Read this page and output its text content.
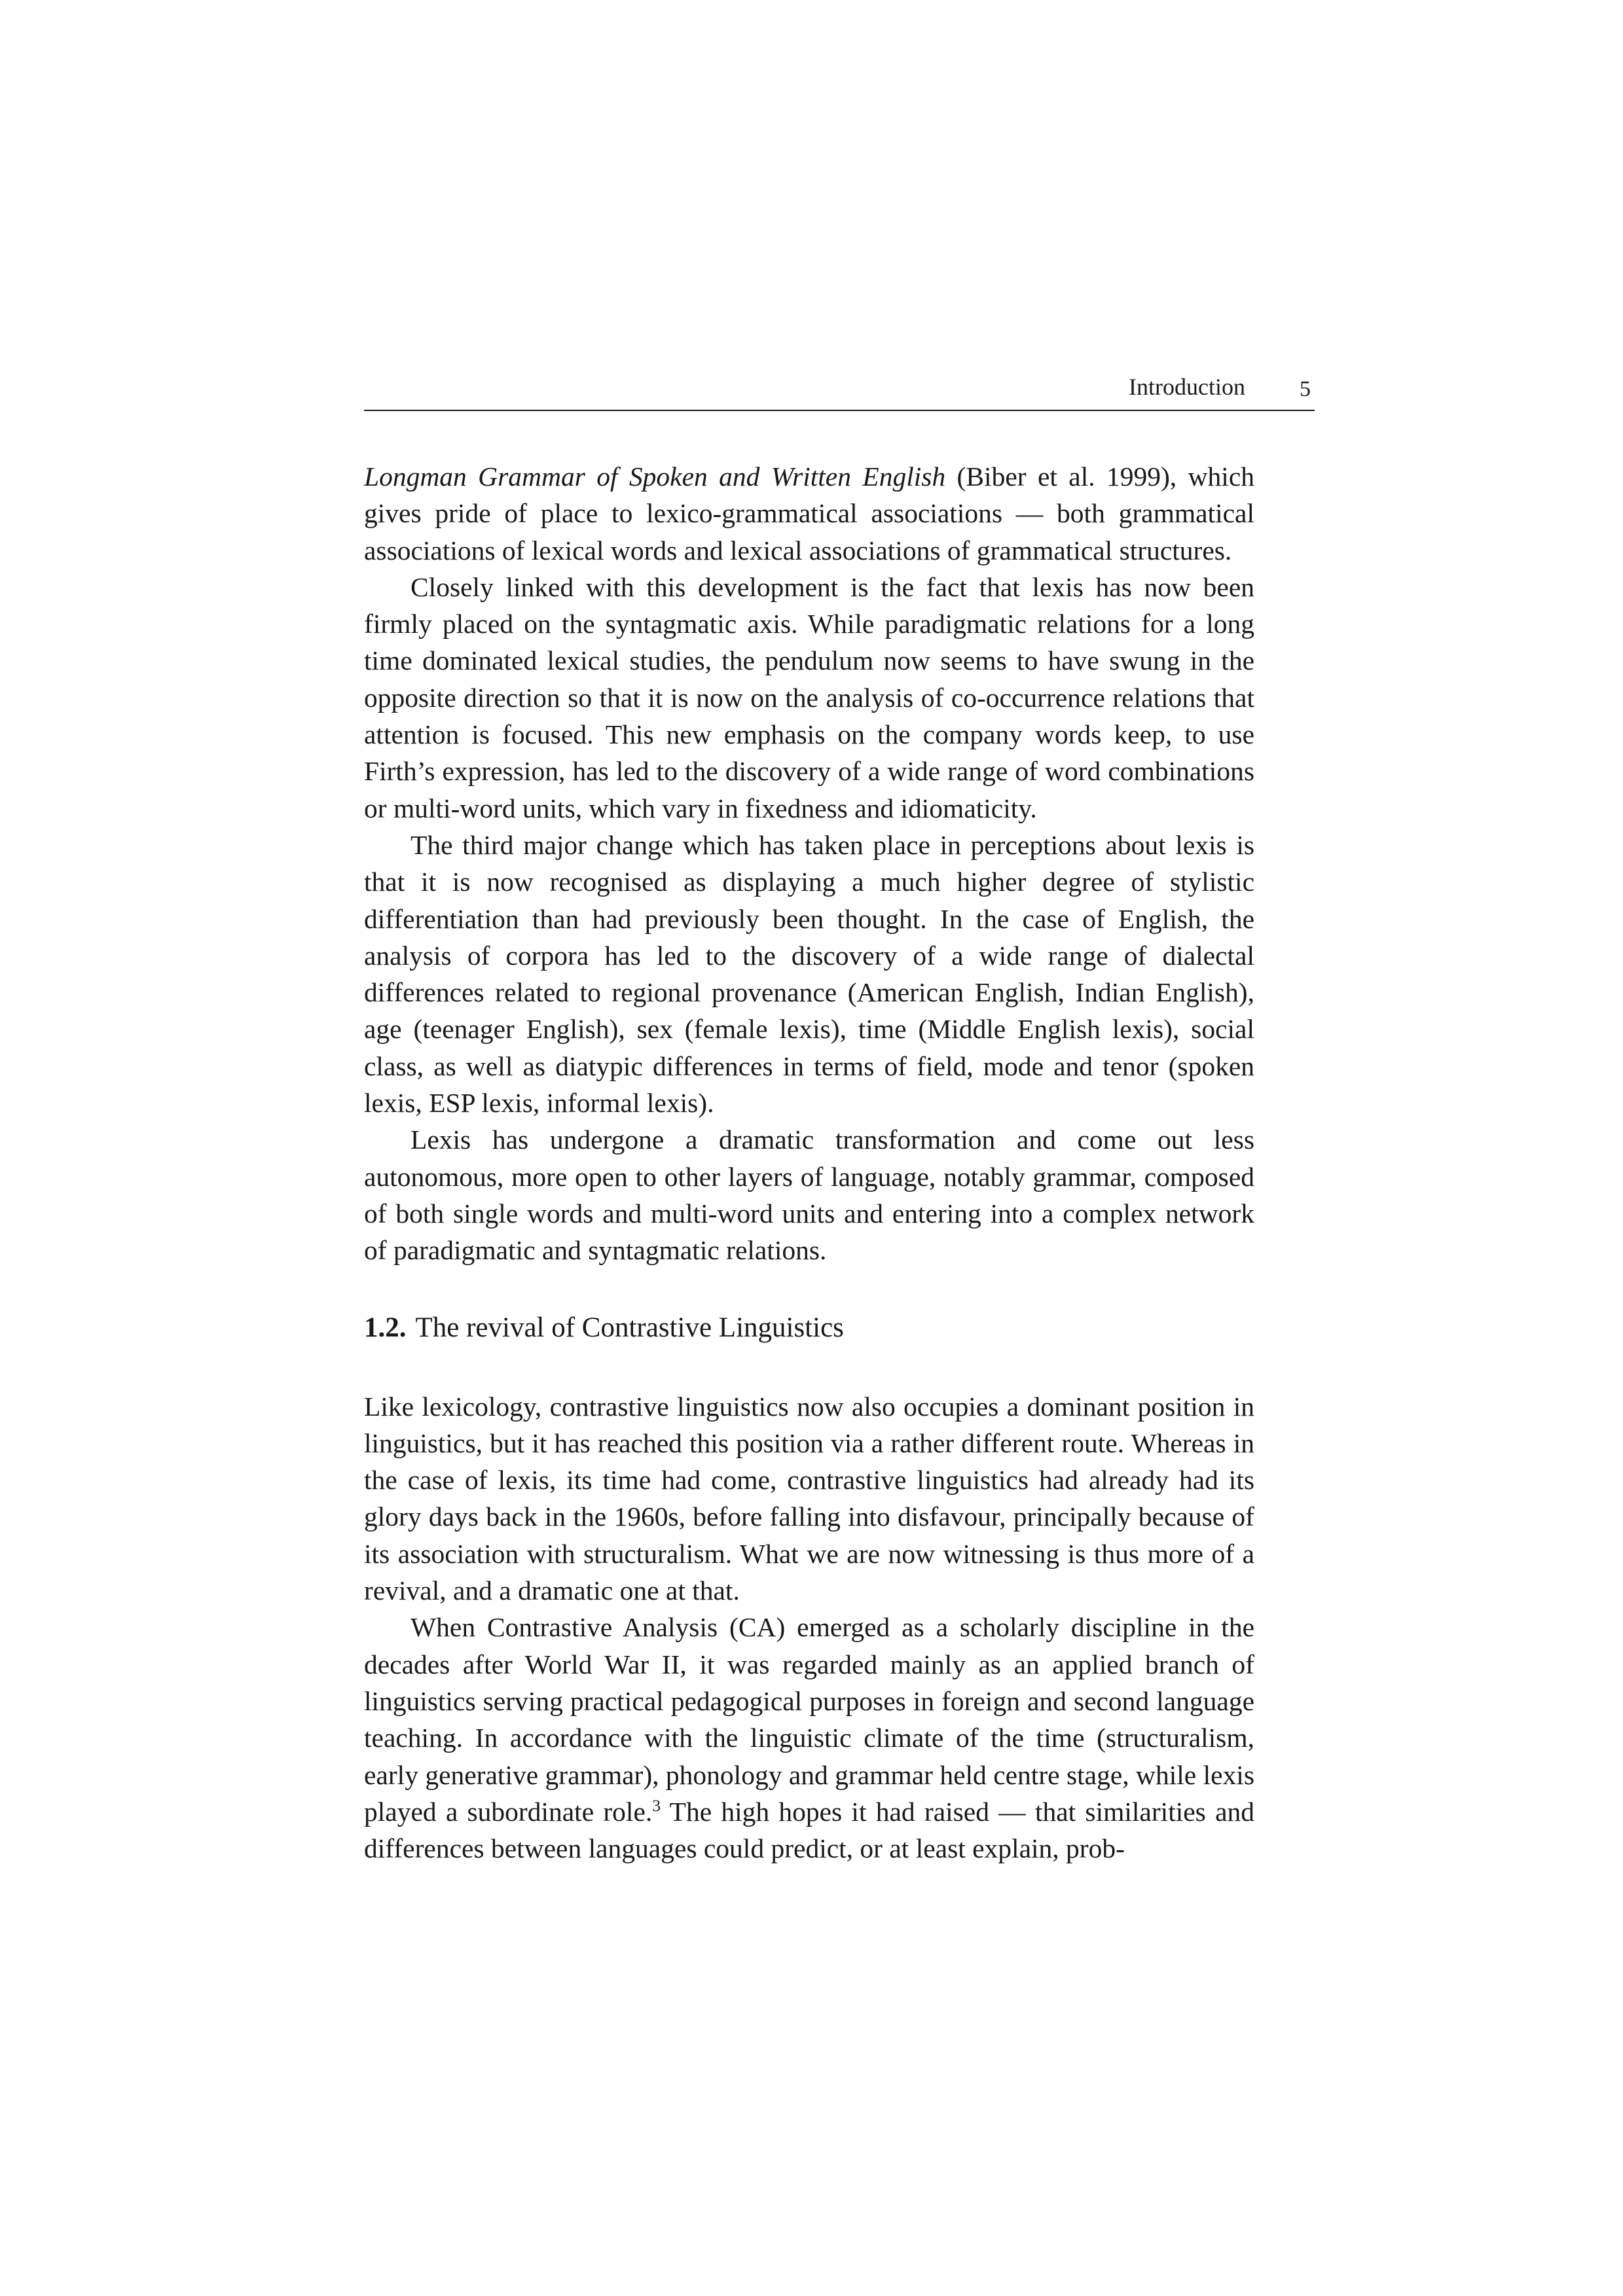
Introduction 5

Longman Grammar of Spoken and Written English (Biber et al. 1999), which gives pride of place to lexico-grammatical associations — both grammatical associations of lexical words and lexical associations of grammatical structures.

Closely linked with this development is the fact that lexis has now been firmly placed on the syntagmatic axis. While paradigmatic relations for a long time dominated lexical studies, the pendulum now seems to have swung in the opposite direction so that it is now on the analysis of co-occurrence relations that attention is focused. This new emphasis on the company words keep, to use Firth’s expression, has led to the discovery of a wide range of word combinations or multi-word units, which vary in fixedness and idiomaticity.

The third major change which has taken place in perceptions about lexis is that it is now recognised as displaying a much higher degree of stylistic differentiation than had previously been thought. In the case of English, the analysis of corpora has led to the discovery of a wide range of dialectal differences related to regional provenance (American English, Indian English), age (teenager English), sex (female lexis), time (Middle English lexis), social class, as well as diatypic differences in terms of field, mode and tenor (spoken lexis, ESP lexis, informal lexis).

Lexis has undergone a dramatic transformation and come out less autonomous, more open to other layers of language, notably grammar, composed of both single words and multi-word units and entering into a complex network of paradigmatic and syntagmatic relations.

1.2. The revival of Contrastive Linguistics

Like lexicology, contrastive linguistics now also occupies a dominant position in linguistics, but it has reached this position via a rather different route. Whereas in the case of lexis, its time had come, contrastive linguistics had already had its glory days back in the 1960s, before falling into disfavour, principally because of its association with structuralism. What we are now witnessing is thus more of a revival, and a dramatic one at that.

When Contrastive Analysis (CA) emerged as a scholarly discipline in the decades after World War II, it was regarded mainly as an applied branch of linguistics serving practical pedagogical purposes in foreign and second language teaching. In accordance with the linguistic climate of the time (structuralism, early generative grammar), phonology and grammar held centre stage, while lexis played a subordinate role.$^3$ The high hopes it had raised — that similarities and differences between languages could predict, or at least explain, prob-
